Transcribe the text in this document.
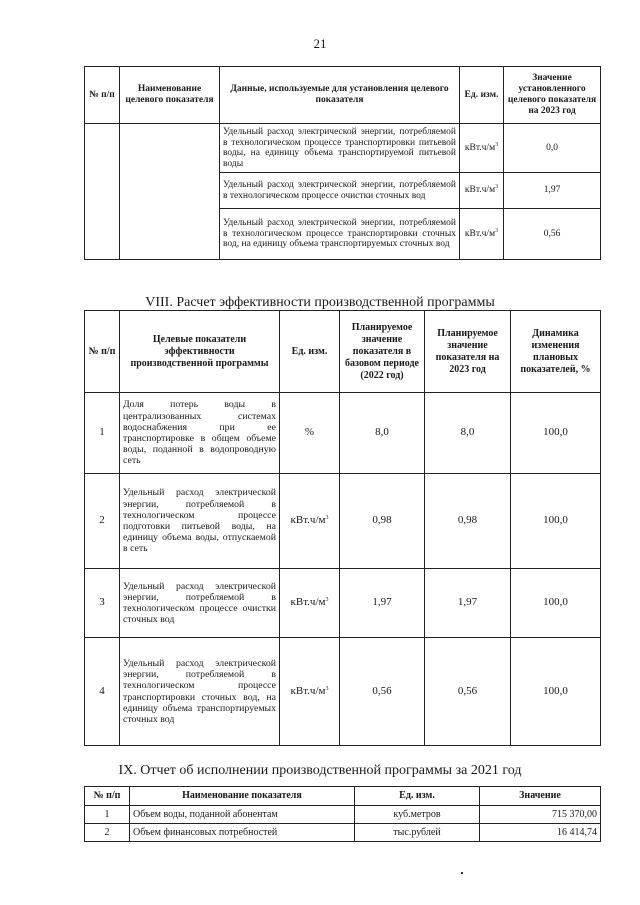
21
№ п/п	Наименование целевого показателя	Данные, используемые для установления целевого показателя	Ед. изм.	Значение установленного целевого показателя на 2023 год
		Удельный расход электрической энергии, потребляемой в технологическом процессе транспортировки питьевой воды, на единицу объема транспортируемой питьевой воды	$кВт.ч/м^3$	0,0
		Удельный расход электрической энергии, потребляемой в технологическом процессе очистки сточных вод	$кВт.ч/м^3$	1,97
		Удельный расход электрической энергии, потребляемой в технологическом процессе транспортировки сточных вод, на единицу объема транспортируемых сточных вод	$кВт.ч/м^3$	0,56
VIII. Расчет эффективности производственной программы
№ п/п	Целевые показатели эффективности производственной программы	Ед. изм.	Планируемое значение показателя в базовом периоде (2022 год)	Планируемое значение показателя на 2023 год	Динамика изменения плановых показателей, %
1	Доля потерь воды в централизованных системах водоснабжения при ее транспортировке в общем объеме воды, поданной в водопроводную сеть	%	8,0	8,0	100,0
2	Удельный расход электрической энергии, потребляемой в технологическом процессе подготовки питьевой воды, на единицу объема воды, отпускаемой в сеть	$кВт.ч/м^3$	0,98	0,98	100,0
3	Удельный расход электрической энергии, потребляемой в технологическом процессе очистки сточных вод	$кВт.ч/м^3$	1,97	1,97	100,0
4	Удельный расход электрической энергии, потребляемой в технологическом процессе транспортировки сточных вод, на единицу объема транспортируемых сточных вод	$кВт.ч/м^3$	0,56	0,56	100,0
IX. Отчет об исполнении производственной программы за 2021 год
№ п/п	Наименование показателя	Ед. изм.	Значение
1	Объем воды, поданной абонентам	куб.метров	715 370,00
2	Объем финансовых потребностей	тыс.рублей	16 414,74
